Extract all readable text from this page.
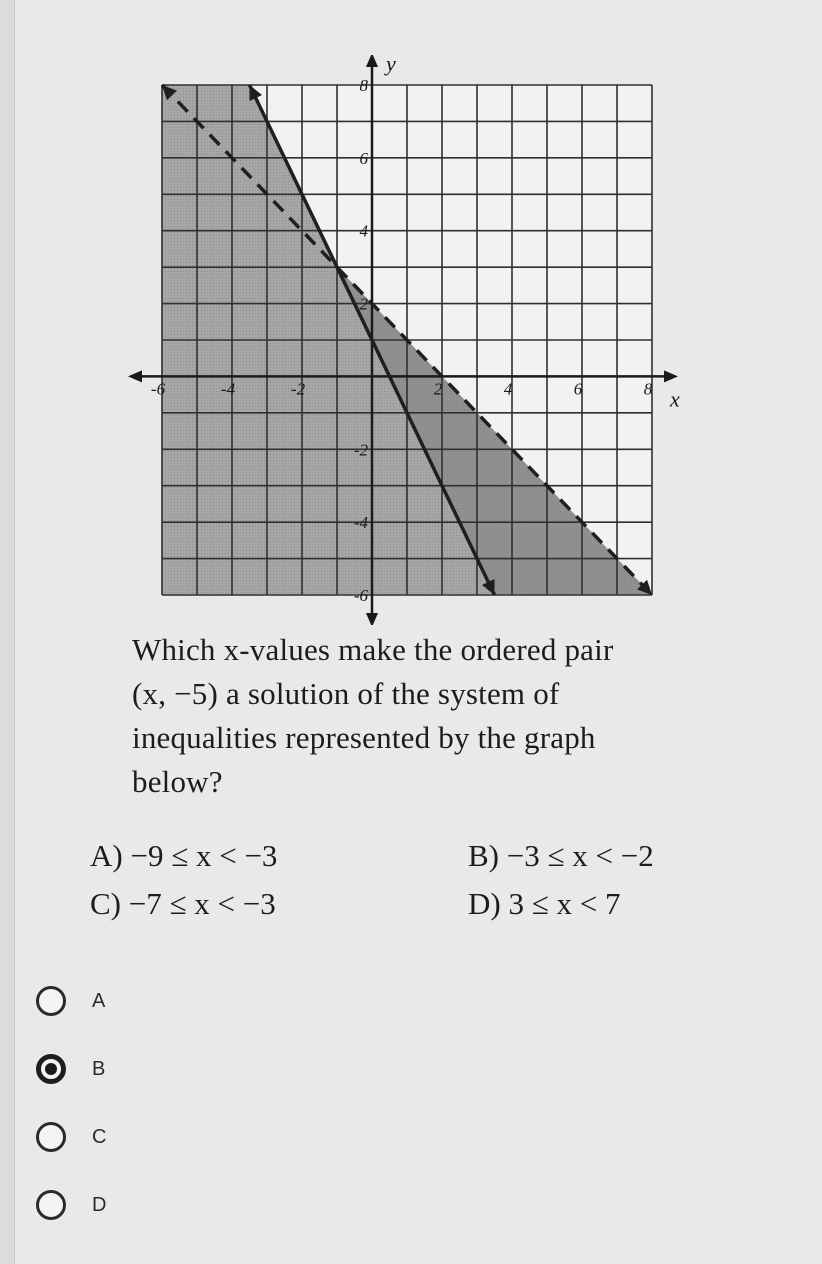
-6	-4	-2	2	4	6	8
8
6
4
2
-2
-4
-6
x
y
Which x-values make the ordered pair
(x, −5) a solution of the system of
inequalities represented by the graph
below?
A) −9 ≤ x < −3	B) −3 ≤ x < −2
C) −7 ≤ x < −3	D) 3 ≤ x < 7
A
B
C
D
